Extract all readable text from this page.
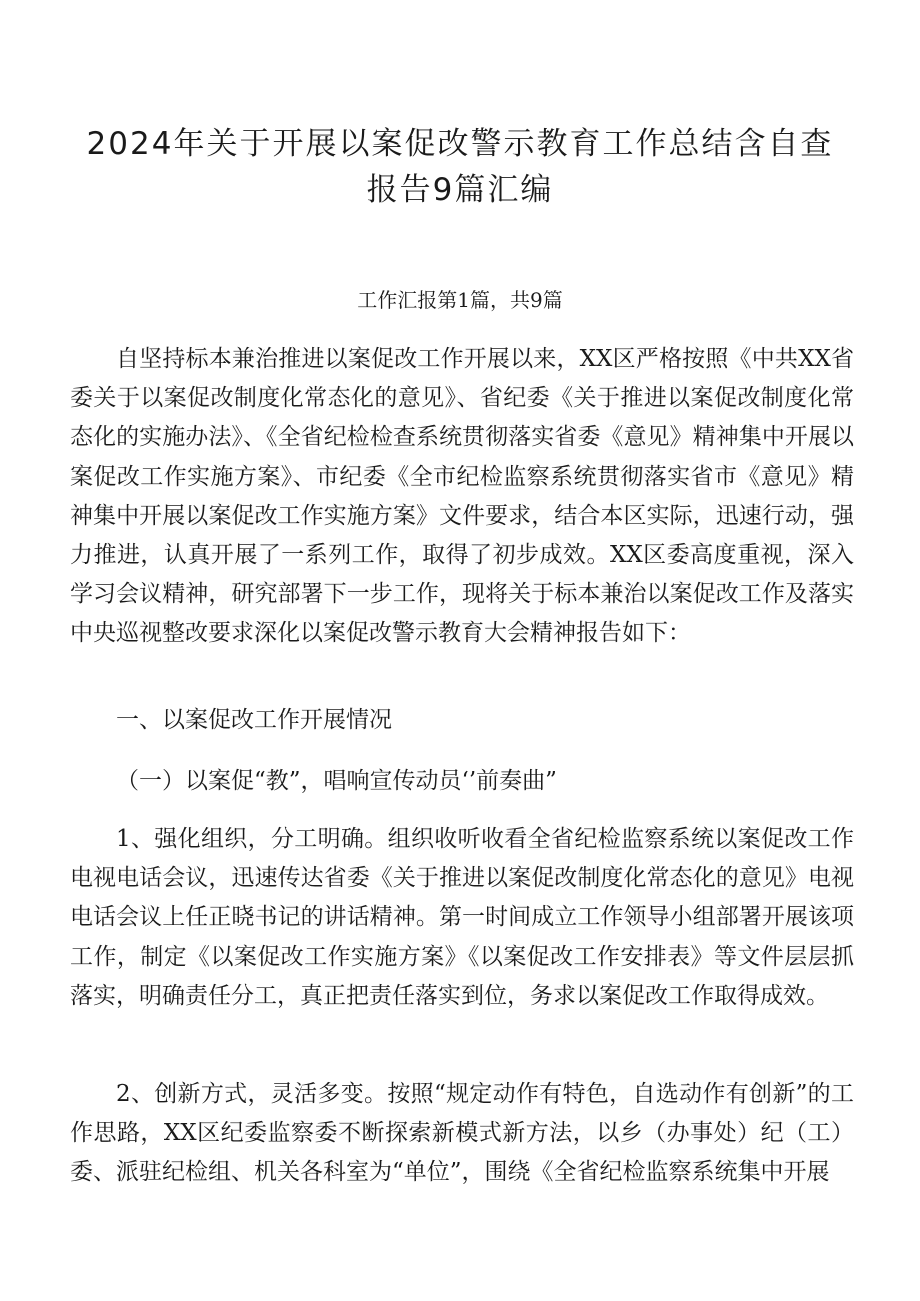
2024年关于开展以案促改警示教育工作总结含自查
报告9篇汇编

工作汇报第1篇，共9篇

自坚持标本兼治推进以案促改工作开展以来，XX区严格按照《中共XX省委关于以案促改制度化常态化的意见》、省纪委《关于推进以案促改制度化常态化的实施办法》、《全省纪检检查系统贯彻落实省委《意见》精神集中开展以案促改工作实施方案》、市纪委《全市纪检监察系统贯彻落实省市《意见》精神集中开展以案促改工作实施方案》文件要求，结合本区实际，迅速行动，强力推进，认真开展了一系列工作，取得了初步成效。XX区委高度重视，深入学习会议精神，研究部署下一步工作，现将关于标本兼治以案促改工作及落实中央巡视整改要求深化以案促改警示教育大会精神报告如下：

一、以案促改工作开展情况

（一）以案促“教”，唱响宣传动员‘’前奏曲”

1、强化组织，分工明确。组织收听收看全省纪检监察系统以案促改工作电视电话会议，迅速传达省委《关于推进以案促改制度化常态化的意见》电视电话会议上任正晓书记的讲话精神。第一时间成立工作领导小组部署开展该项工作，制定《以案促改工作实施方案》《以案促改工作安排表》等文件层层抓落实，明确责任分工，真正把责任落实到位，务求以案促改工作取得成效。

2、创新方式，灵活多变。按照“规定动作有特色，自选动作有创新”的工作思路，XX区纪委监察委不断探索新模式新方法，以乡（办事处）纪（工）委、派驻纪检组、机关各科室为“单位”，围绕《全省纪检监察系统集中开展
